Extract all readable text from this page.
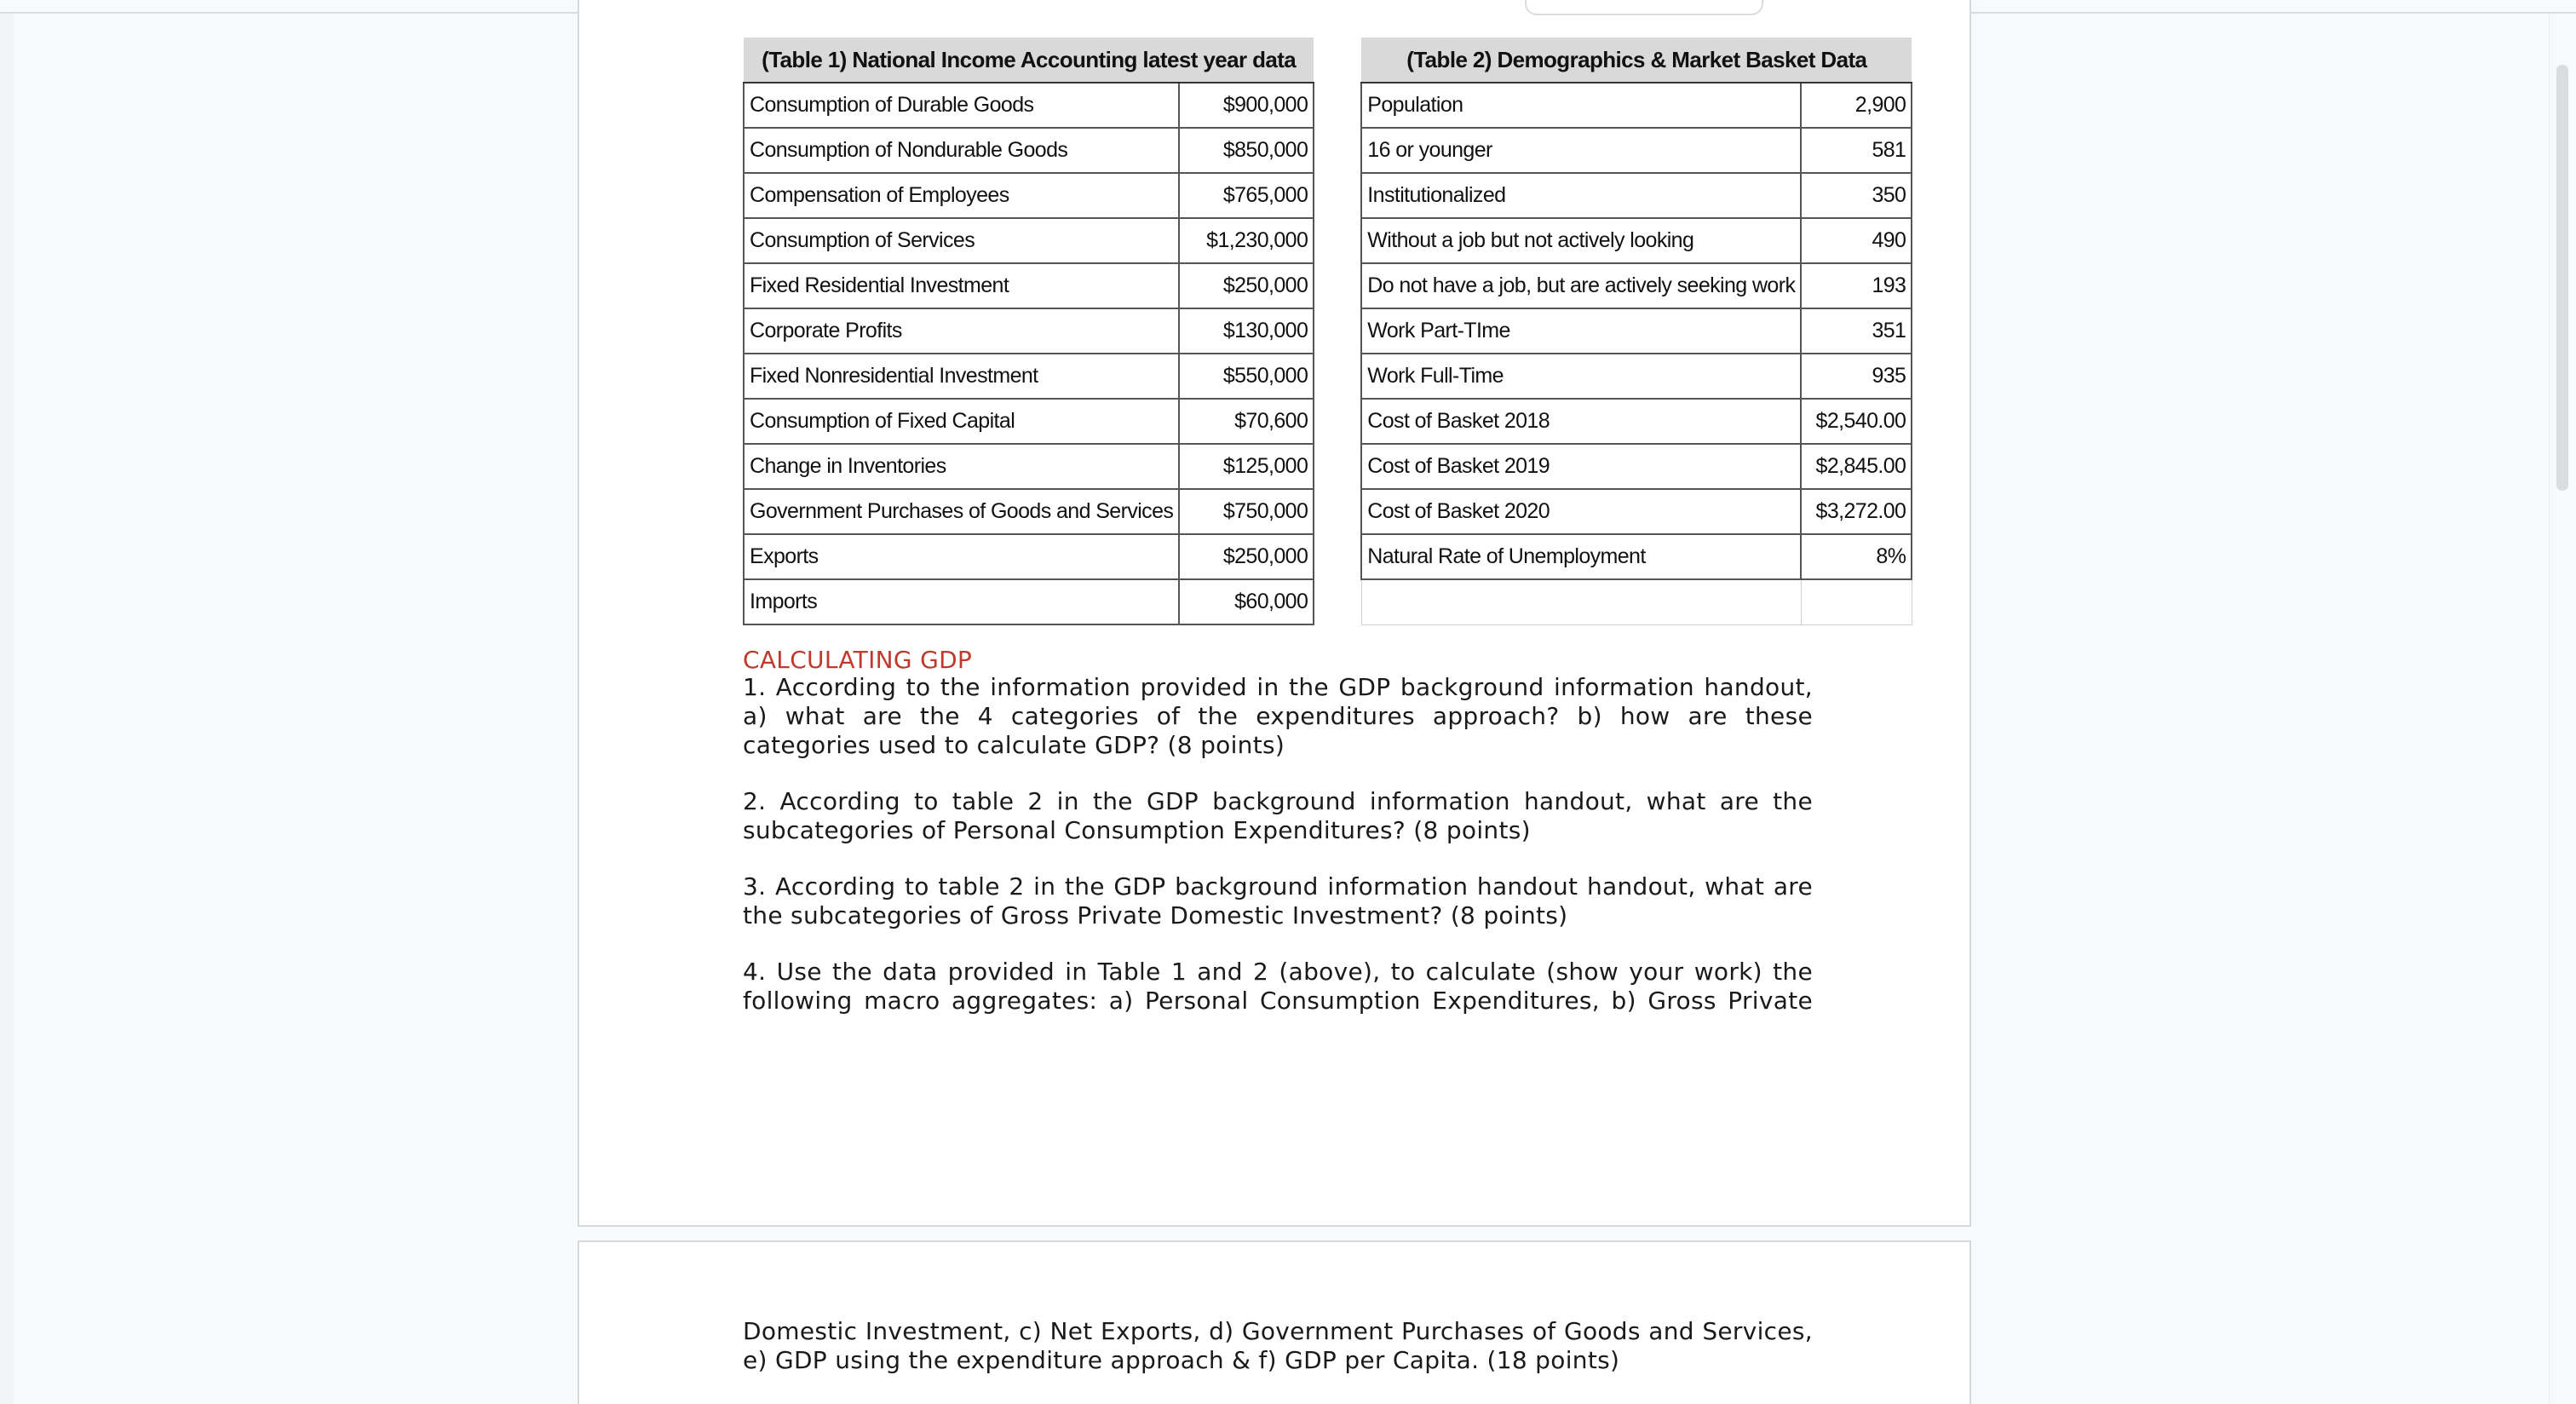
(Table 1) National Income Accounting latest year data			(Table 2) Demographics & Market Basket Data	
Consumption of Durable Goods	$900,000		Population	2,900
Consumption of Nondurable Goods	$850,000		16 or younger	581
Compensation of Employees	$765,000		Institutionalized	350
Consumption of Services	$1,230,000		Without a job but not actively looking	490
Fixed Residential Investment	$250,000		Do not have a job, but are actively seeking work	193
Corporate Profits	$130,000		Work Part-TIme	351
Fixed Nonresidential Investment	$550,000		Work Full-Time	935
Consumption of Fixed Capital	$70,600		Cost of Basket 2018	$2,540.00
Change in Inventories	$125,000		Cost of Basket 2019	$2,845.00
Government Purchases of Goods and Services	$750,000		Cost of Basket 2020	$3,272.00
Exports	$250,000		Natural Rate of Unemployment	8%
Imports	$60,000			
CALCULATING GDP

1. According to the information provided in the GDP background information handout, a) what are the 4 categories of the expenditures approach? b) how are these categories used to calculate GDP? (8 points)

2. According to table 2 in the GDP background information handout, what are the subcategories of Personal Consumption Expenditures? (8 points)

3. According to table 2 in the GDP background information handout handout, what are the subcategories of Gross Private Domestic Investment? (8 points)

4. Use the data provided in Table 1 and 2 (above), to calculate (show your work) the following macro aggregates: a) Personal Consumption Expenditures, b) Gross Private

Domestic Investment, c) Net Exports, d) Government Purchases of Goods and Services, e) GDP using the expenditure approach & f) GDP per Capita. (18 points)
